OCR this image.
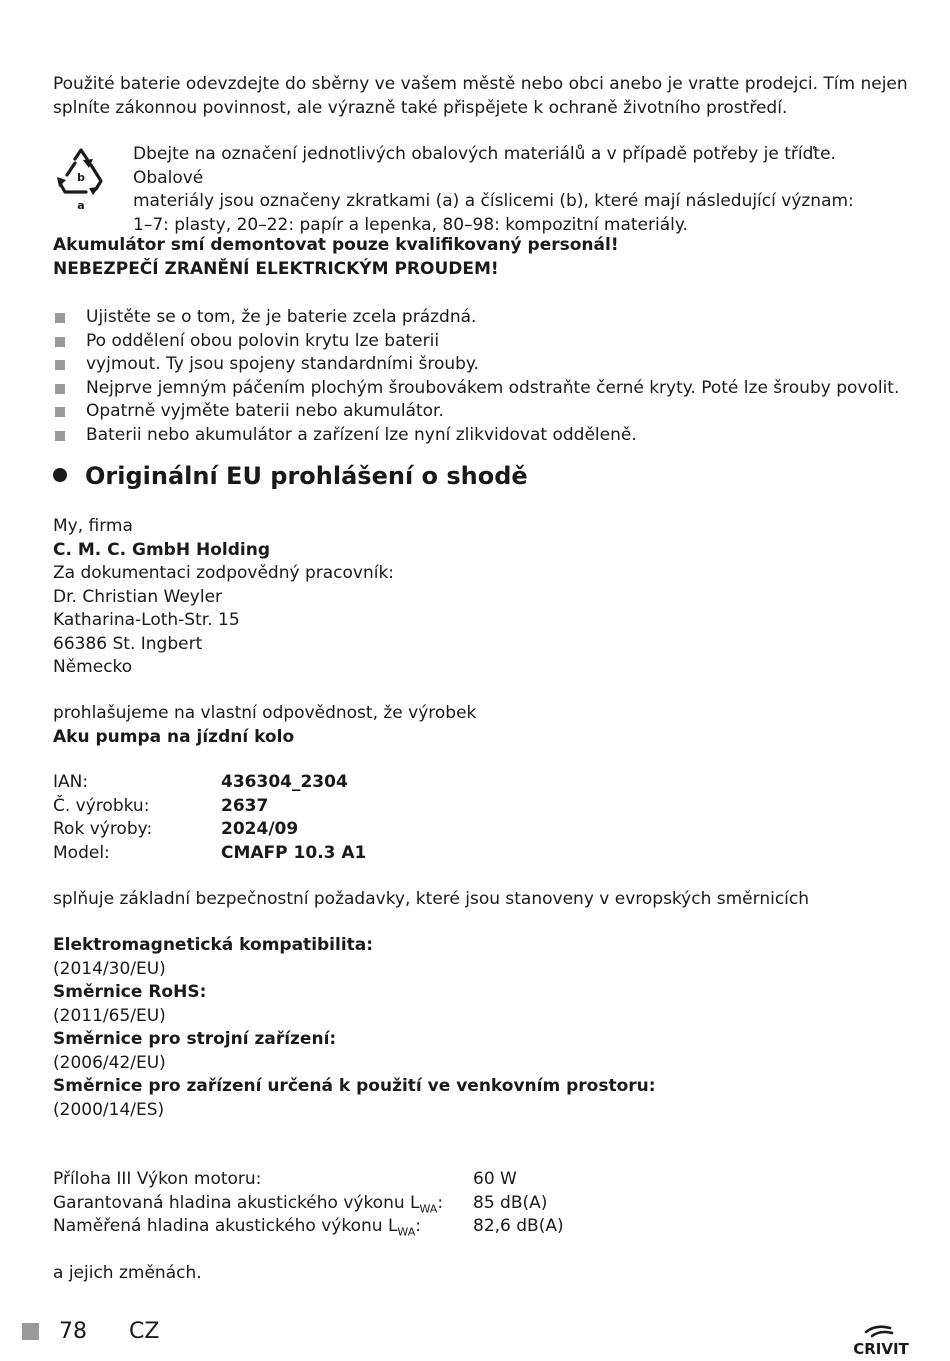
Použité baterie odevzdejte do sběrny ve vašem městě nebo obci anebo je vratte prodejci. Tím nejen

splníte zákonnou povinnost, ale výrazně také přispějete k ochraně životního prostředí.

b
a

Dbejte na označení jednotlivých obalových materiálů a v případě potřeby je tříďte. Obalové

materiály jsou označeny zkratkami (a) a číslicemi (b), které mají následující význam:

1–7: plasty, 20–22: papír a lepenka, 80–98: kompozitní materiály.

Akumulátor smí demontovat pouze kvalifikovaný personál!

NEBEZPEČÍ ZRANĚNÍ ELEKTRICKÝM PROUDEM!

Ujistěte se o tom, že je baterie zcela prázdná.
Po oddělení obou polovin krytu lze baterii
vyjmout. Ty jsou spojeny standardními šrouby.
Nejprve jemným páčením plochým šroubovákem odstraňte černé kryty. Poté lze šrouby povolit.
Opatrně vyjměte baterii nebo akumulátor.
Baterii nebo akumulátor a zařízení lze nyní zlikvidovat odděleně.
Originální EU prohlášení o shodě

My, firma

C. M. C. GmbH Holding

Za dokumentaci zodpovědný pracovník:

Dr. Christian Weyler

Katharina-Loth-Str. 15

66386 St. Ingbert

Německo

prohlašujeme na vlastní odpovědnost, že výrobek

Aku pumpa na jízdní kolo

IAN:	436304_2304
Č. výrobku:	2637
Rok výroby:	2024/09
Model:	CMAFP 10.3 A1
splňuje základní bezpečnostní požadavky, které jsou stanoveny v evropských směrnicích

Elektromagnetická kompatibilita:

(2014/30/EU)

Směrnice RoHS:

(2011/65/EU)

Směrnice pro strojní zařízení:

(2006/42/EU)

Směrnice pro zařízení určená k použití ve venkovním prostoru:

(2000/14/ES)

Příloha III Výkon motoru:	60 W
Garantovaná hladina akustického výkonu $L_{WA}$:	85 dB(A)
Naměřená hladina akustického výkonu $L_{WA}$:	82,6 dB(A)
a jejich změnách.
78 CZ
CRIVIT
